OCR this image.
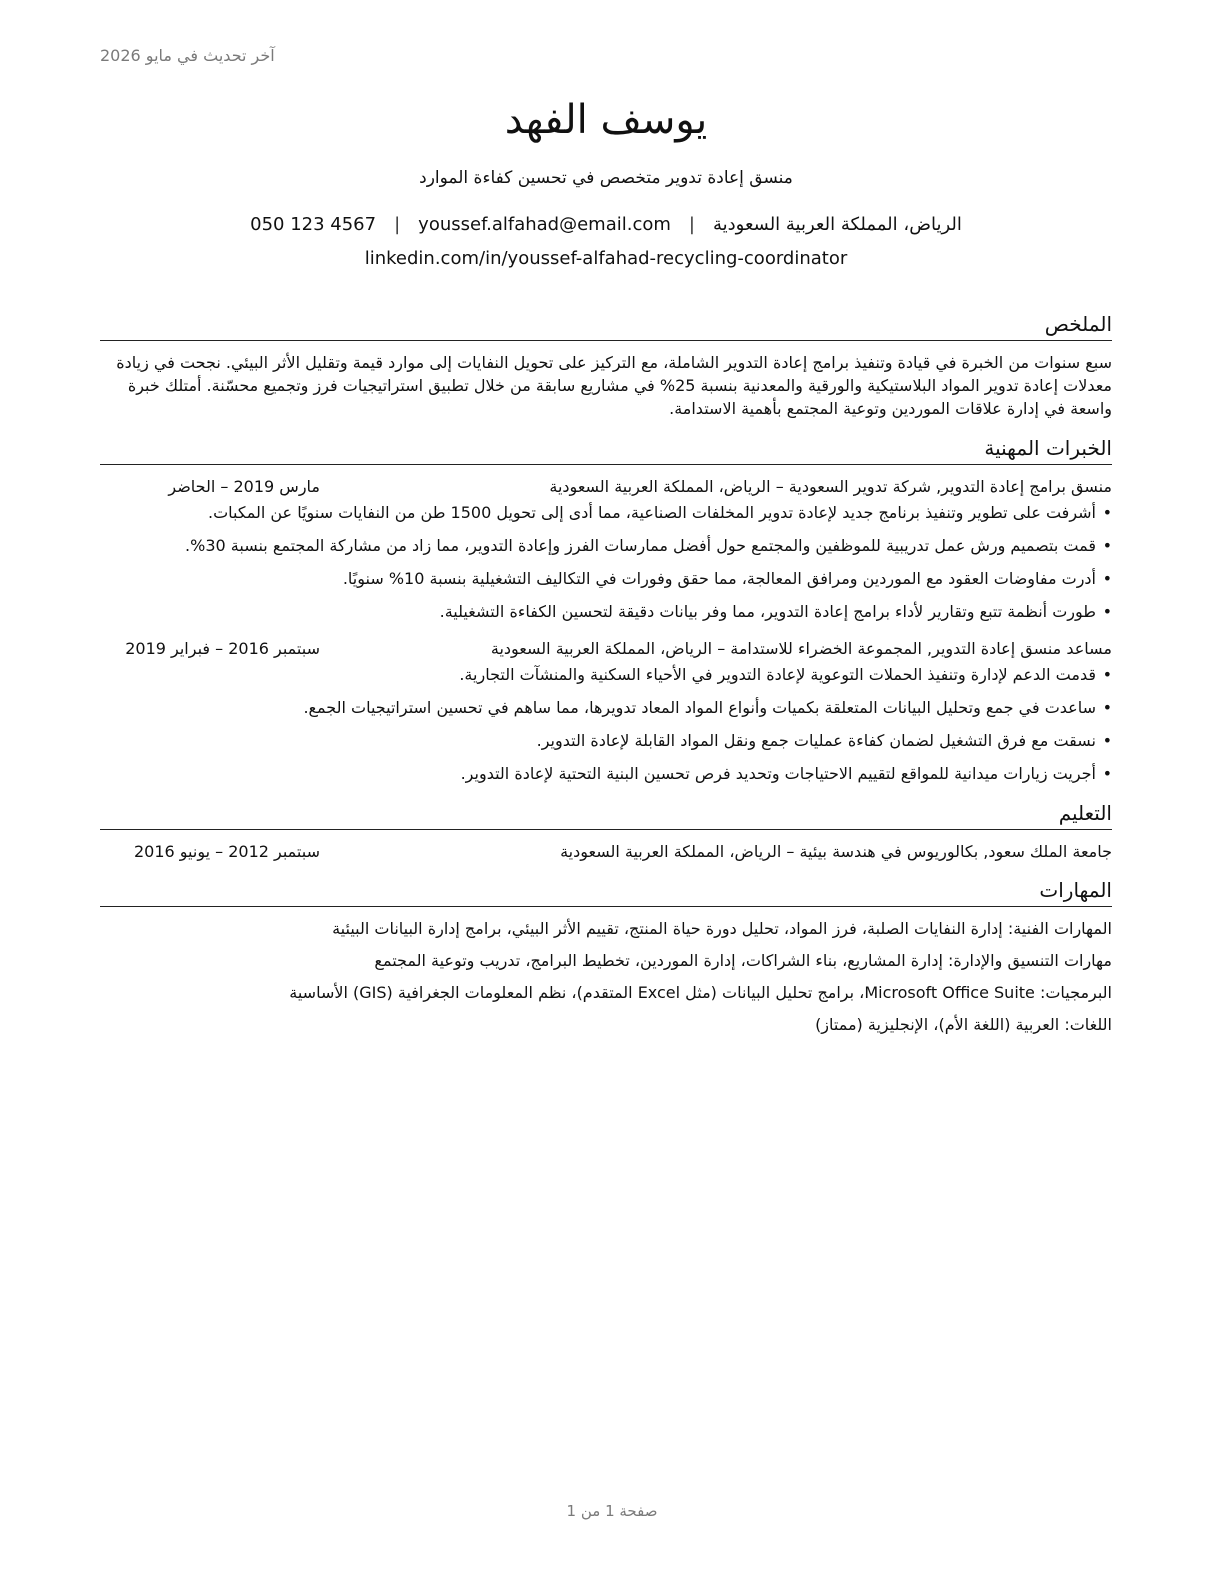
آخر تحديث في مايو 2026
يوسف الفهد
منسق إعادة تدوير متخصص في تحسين كفاءة الموارد
الرياض، المملكة العربية السعودية
|
youssef.alfahad@email.com
|
050 123 4567
linkedin.com/in/youssef-alfahad-recycling-coordinator
الملخص

سبع سنوات من الخبرة في قيادة وتنفيذ برامج إعادة التدوير الشاملة، مع التركيز على تحويل النفايات إلى موارد قيمة وتقليل الأثر البيئي. نجحت في زيادة معدلات إعادة تدوير المواد البلاستيكية والورقية والمعدنية بنسبة 25% في مشاريع سابقة من خلال تطبيق استراتيجيات فرز وتجميع محسّنة. أمتلك خبرة واسعة في إدارة علاقات الموردين وتوعية المجتمع بأهمية الاستدامة.

الخبرات المهنية
منسق برامج إعادة التدوير, شركة تدوير السعودية – الرياض، المملكة العربية السعودية
مارس 2019 – الحاضر
• أشرفت على تطوير وتنفيذ برنامج جديد لإعادة تدوير المخلفات الصناعية، مما أدى إلى تحويل 1500 طن من النفايات سنويًا عن المكبات.
• قمت بتصميم ورش عمل تدريبية للموظفين والمجتمع حول أفضل ممارسات الفرز وإعادة التدوير، مما زاد من مشاركة المجتمع بنسبة 30%.
• أدرت مفاوضات العقود مع الموردين ومرافق المعالجة، مما حقق وفورات في التكاليف التشغيلية بنسبة 10% سنويًا.
• طورت أنظمة تتبع وتقارير لأداء برامج إعادة التدوير، مما وفر بيانات دقيقة لتحسين الكفاءة التشغيلية.
مساعد منسق إعادة التدوير, المجموعة الخضراء للاستدامة – الرياض، المملكة العربية السعودية
سبتمبر 2016 – فبراير 2019
• قدمت الدعم لإدارة وتنفيذ الحملات التوعوية لإعادة التدوير في الأحياء السكنية والمنشآت التجارية.
• ساعدت في جمع وتحليل البيانات المتعلقة بكميات وأنواع المواد المعاد تدويرها، مما ساهم في تحسين استراتيجيات الجمع.
• نسقت مع فرق التشغيل لضمان كفاءة عمليات جمع ونقل المواد القابلة لإعادة التدوير.
• أجريت زيارات ميدانية للمواقع لتقييم الاحتياجات وتحديد فرص تحسين البنية التحتية لإعادة التدوير.
التعليم
جامعة الملك سعود, بكالوريوس في هندسة بيئية – الرياض، المملكة العربية السعودية
سبتمبر 2012 – يونيو 2016
المهارات
المهارات الفنية: إدارة النفايات الصلبة، فرز المواد، تحليل دورة حياة المنتج، تقييم الأثر البيئي، برامج إدارة البيانات البيئية
مهارات التنسيق والإدارة: إدارة المشاريع، بناء الشراكات، إدارة الموردين، تخطيط البرامج، تدريب وتوعية المجتمع
البرمجيات: Microsoft Office Suite، برامج تحليل البيانات (مثل Excel المتقدم)، نظم المعلومات الجغرافية (GIS) الأساسية
اللغات: العربية (اللغة الأم)، الإنجليزية (ممتاز)
صفحة 1 من 1
